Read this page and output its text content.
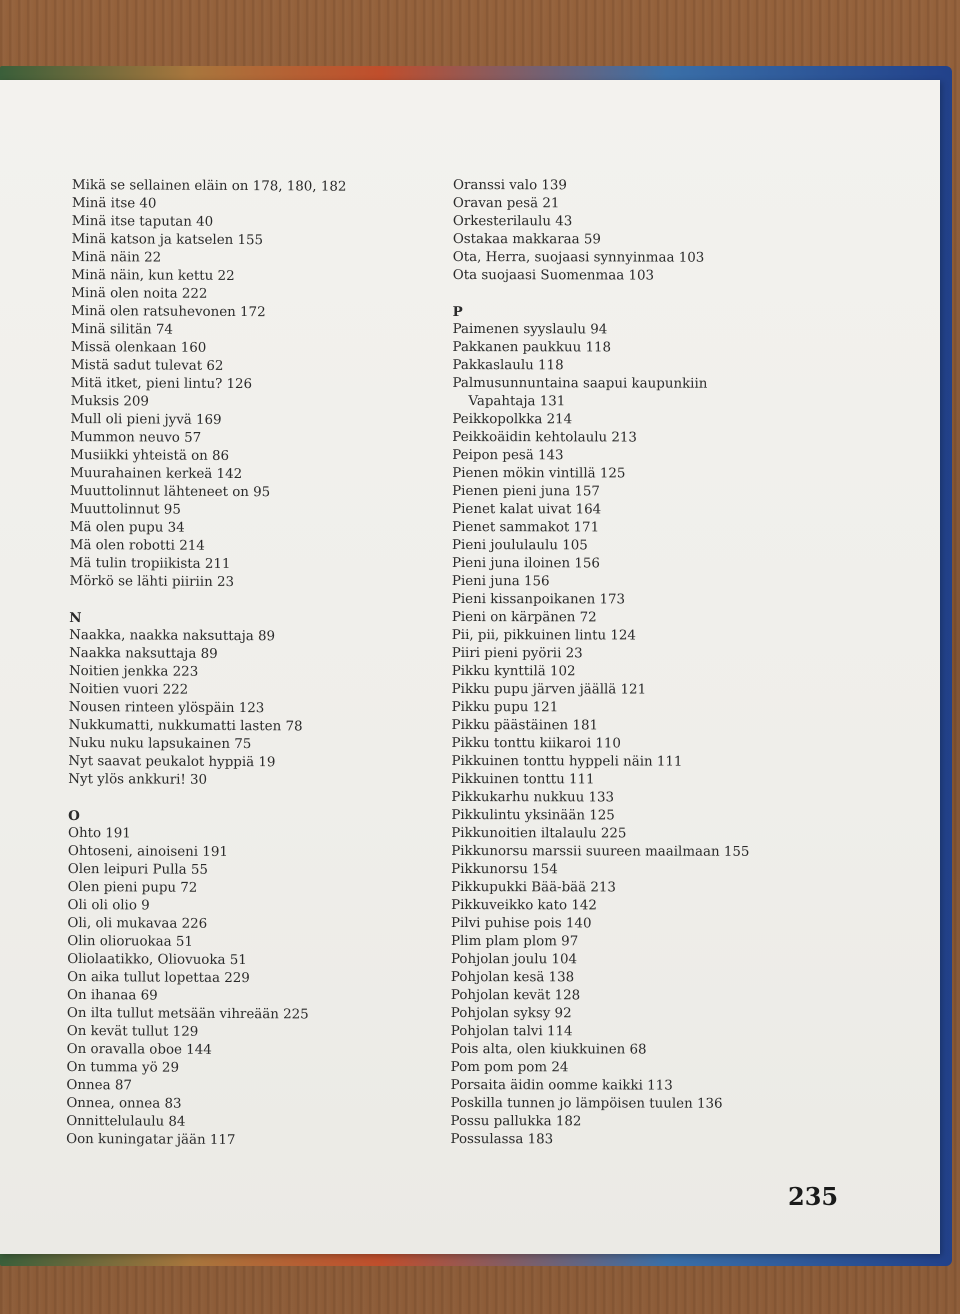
Mikä se sellainen eläin on 178, 180, 182
Minä itse 40
Minä itse taputan 40
Minä katson ja katselen 155
Minä näin 22
Minä näin, kun kettu 22
Minä olen noita 222
Minä olen ratsuhevonen 172
Minä silitän 74
Missä olenkaan 160
Mistä sadut tulevat 62
Mitä itket, pieni lintu? 126
Muksis 209
Mull oli pieni jyvä 169
Mummon neuvo 57
Musiikki yhteistä on 86
Muurahainen kerkeä 142
Muuttolinnut lähteneet on 95
Muuttolinnut 95
Mä olen pupu 34
Mä olen robotti 214
Mä tulin tropiikista 211
Mörkö se lähti piiriin 23
N
Naakka, naakka naksuttaja 89
Naakka naksuttaja 89
Noitien jenkka 223
Noitien vuori 222
Nousen rinteen ylöspäin 123
Nukkumatti, nukkumatti lasten 78
Nuku nuku lapsukainen 75
Nyt saavat peukalot hyppiä 19
Nyt ylös ankkuri! 30
O
Ohto 191
Ohtoseni, ainoiseni 191
Olen leipuri Pulla 55
Olen pieni pupu 72
Oli oli olio 9
Oli, oli mukavaa 226
Olin olioruokaa 51
Oliolaatikko, Oliovuoka 51
On aika tullut lopettaa 229
On ihanaa 69
On ilta tullut metsään vihreään 225
On kevät tullut 129
On oravalla oboe 144
On tumma yö 29
Onnea 87
Onnea, onnea 83
Onnittelulaulu 84
Oon kuningatar jään 117
Oranssi valo 139
Oravan pesä 21
Orkesterilaulu 43
Ostakaa makkaraa 59
Ota, Herra, suojaasi synnyinmaa 103
Ota suojaasi Suomenmaa 103
P
Paimenen syyslaulu 94
Pakkanen paukkuu 118
Pakkaslaulu 118
Palmusunnuntaina saapui kaupunkiin
Vapahtaja 131
Peikkopolkka 214
Peikkoäidin kehtolaulu 213
Peipon pesä 143
Pienen mökin vintillä 125
Pienen pieni juna 157
Pienet kalat uivat 164
Pienet sammakot 171
Pieni joululaulu 105
Pieni juna iloinen 156
Pieni juna 156
Pieni kissanpoikanen 173
Pieni on kärpänen 72
Pii, pii, pikkuinen lintu 124
Piiri pieni pyörii 23
Pikku kynttilä 102
Pikku pupu järven jäällä 121
Pikku pupu 121
Pikku päästäinen 181
Pikku tonttu kiikaroi 110
Pikkuinen tonttu hyppeli näin 111
Pikkuinen tonttu 111
Pikkukarhu nukkuu 133
Pikkulintu yksinään 125
Pikkunoitien iltalaulu 225
Pikkunorsu marssii suureen maailmaan 155
Pikkunorsu 154
Pikkupukki Bää-bää 213
Pikkuveikko kato 142
Pilvi puhise pois 140
Plim plam plom 97
Pohjolan joulu 104
Pohjolan kesä 138
Pohjolan kevät 128
Pohjolan syksy 92
Pohjolan talvi 114
Pois alta, olen kiukkuinen 68
Pom pom pom 24
Porsaita äidin oomme kaikki 113
Poskilla tunnen jo lämpöisen tuulen 136
Possu pallukka 182
Possulassa 183
235
